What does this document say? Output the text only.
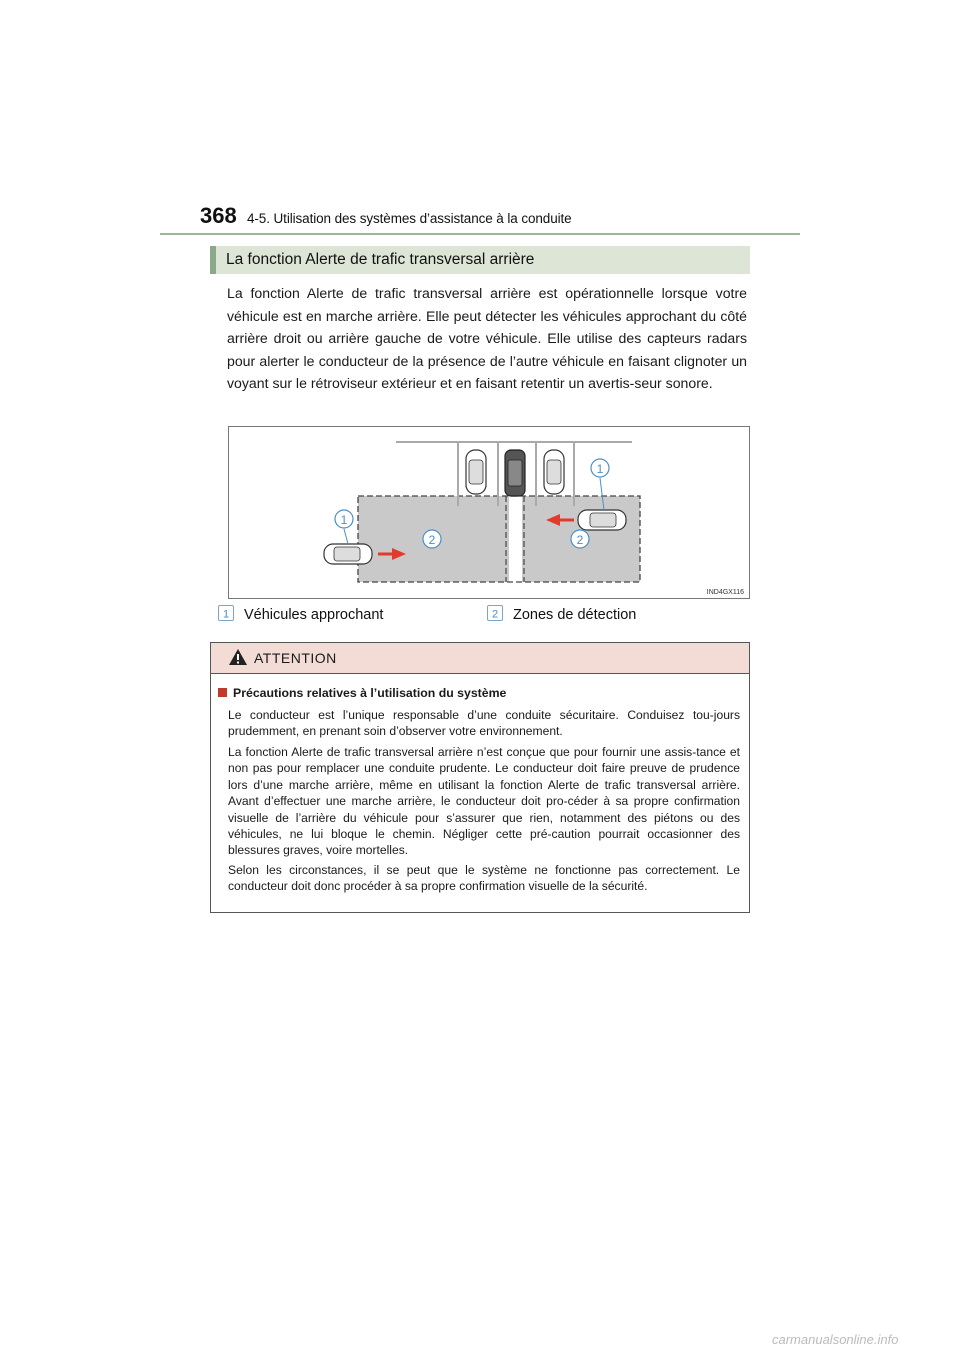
368 4-5. Utilisation des systèmes d’assistance à la conduite
La fonction Alerte de trafic transversal arrière

La fonction Alerte de trafic transversal arrière est opérationnelle lorsque votre véhicule est en marche arrière. Elle peut détecter les véhicules approchant du côté arrière droit ou arrière gauche de votre véhicule. Elle utilise des capteurs radars pour alerter le conducteur de la présence de l’autre véhicule en faisant clignoter un voyant sur le rétroviseur extérieur et en faisant retentir un avertis-seur sonore.

1
1
2	2
IND4GX116
1 Véhicules approchant	2 Zones de détection
ATTENTION
Précautions relatives à l’utilisation du système

Le conducteur est l’unique responsable d’une conduite sécuritaire. Conduisez tou-jours prudemment, en prenant soin d’observer votre environnement.

La fonction Alerte de trafic transversal arrière n’est conçue que pour fournir une assis-tance et non pas pour remplacer une conduite prudente. Le conducteur doit faire preuve de prudence lors d’une marche arrière, même en utilisant la fonction Alerte de trafic transversal arrière. Avant d’effectuer une marche arrière, le conducteur doit pro-céder à sa propre confirmation visuelle de l’arrière du véhicule pour s’assurer que rien, notamment des piétons ou des véhicules, ne lui bloque le chemin. Négliger cette pré-caution pourrait occasionner des blessures graves, voire mortelles.

Selon les circonstances, il se peut que le système ne fonctionne pas correctement. Le conducteur doit donc procéder à sa propre confirmation visuelle de la sécurité.

carmanualsonline.info
